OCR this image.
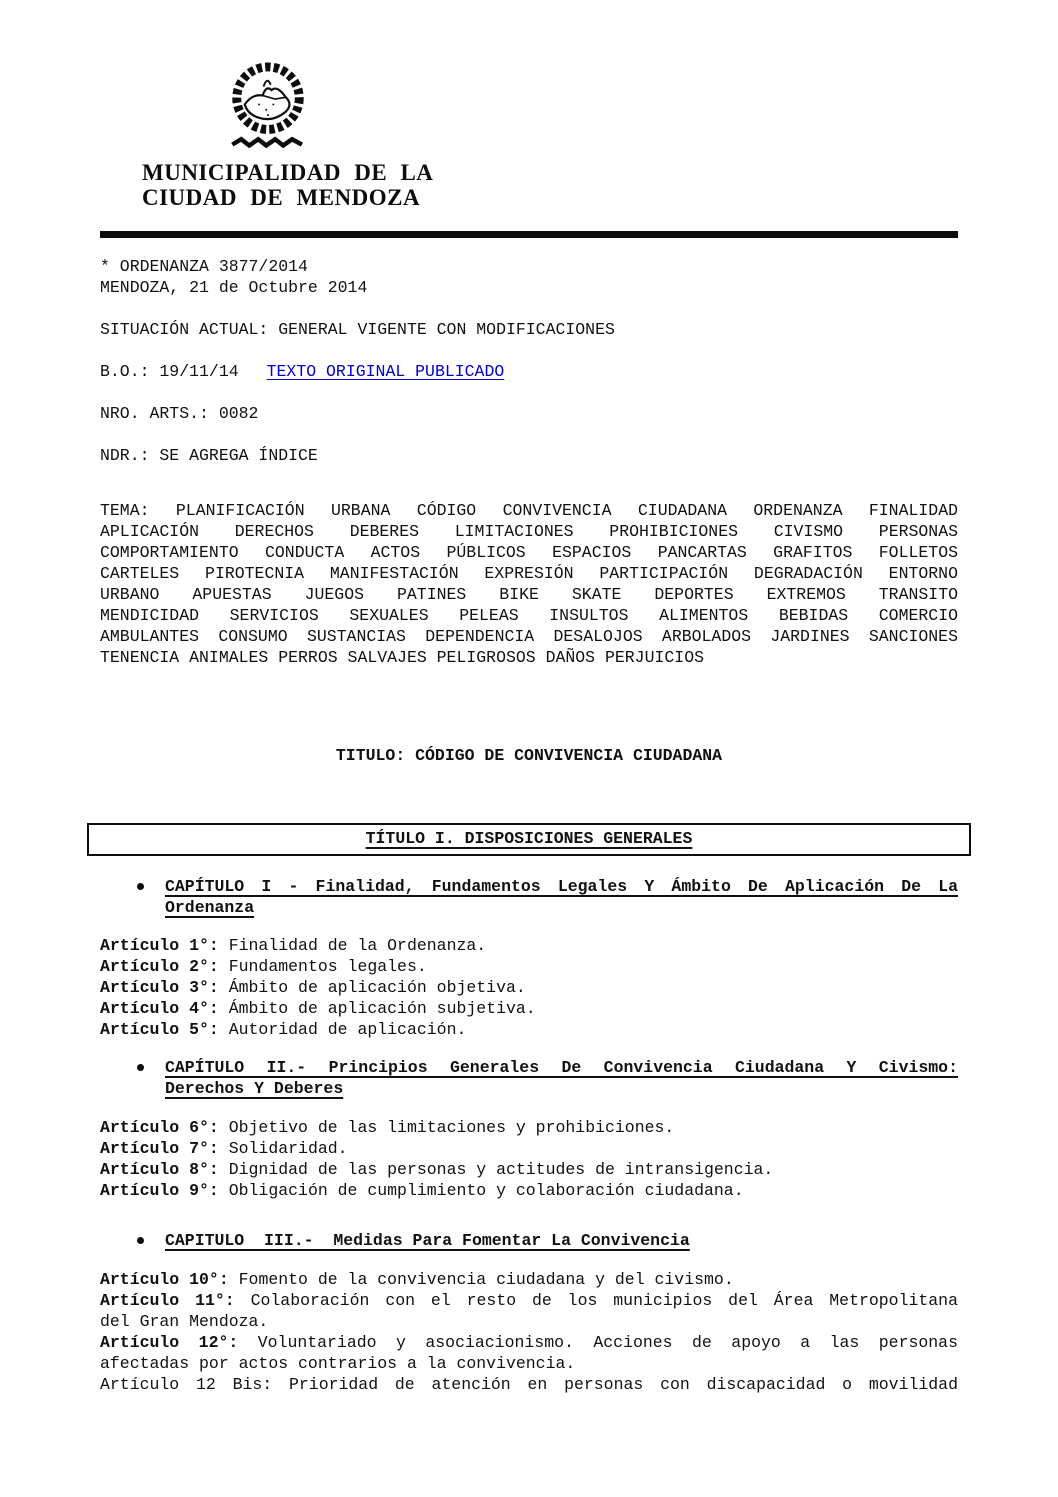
MUNICIPALIDAD DE LA
CIUDAD DE MENDOZA
* ORDENANZA 3877/2014
MENDOZA, 21 de Octubre 2014
SITUACIÓN ACTUAL: GENERAL VIGENTE CON MODIFICACIONES
B.O.: 19/11/14 TEXTO ORIGINAL PUBLICADO
NRO. ARTS.: 0082
NDR.: SE AGREGA ÍNDICE
TEMA: PLANIFICACIÓN URBANA CÓDIGO CONVIVENCIA CIUDADANA ORDENANZA FINALIDAD
APLICACIÓN DERECHOS DEBERES LIMITACIONES PROHIBICIONES CIVISMO PERSONAS
COMPORTAMIENTO CONDUCTA ACTOS PÚBLICOS ESPACIOS PANCARTAS GRAFITOS FOLLETOS
CARTELES PIROTECNIA MANIFESTACIÓN EXPRESIÓN PARTICIPACIÓN DEGRADACIÓN ENTORNO
URBANO APUESTAS JUEGOS PATINES BIKE SKATE DEPORTES EXTREMOS TRANSITO
MENDICIDAD SERVICIOS SEXUALES PELEAS INSULTOS ALIMENTOS BEBIDAS COMERCIO
AMBULANTES CONSUMO SUSTANCIAS DEPENDENCIA DESALOJOS ARBOLADOS JARDINES SANCIONES
TENENCIA ANIMALES PERROS SALVAJES PELIGROSOS DAÑOS PERJUICIOS
TITULO: CÓDIGO DE CONVIVENCIA CIUDADANA
TÍTULO I. DISPOSICIONES GENERALES
CAPÍTULO I - Finalidad, Fundamentos Legales Y Ámbito De Aplicación De La
Ordenanza
Artículo 1°: Finalidad de la Ordenanza.
Artículo 2°: Fundamentos legales.
Artículo 3°: Ámbito de aplicación objetiva.
Artículo 4°: Ámbito de aplicación subjetiva.
Artículo 5°: Autoridad de aplicación.
CAPÍTULO II.- Principios Generales De Convivencia Ciudadana Y Civismo:
Derechos Y Deberes
Artículo 6°: Objetivo de las limitaciones y prohibiciones.
Artículo 7°: Solidaridad.
Artículo 8°: Dignidad de las personas y actitudes de intransigencia.
Artículo 9°: Obligación de cumplimiento y colaboración ciudadana.
CAPITULO  III.-  Medidas Para Fomentar La Convivencia
Artículo 10°: Fomento de la convivencia ciudadana y del civismo.
Artículo 11°: Colaboración con el resto de los municipios del Área Metropolitana
del Gran Mendoza.
Artículo 12°: Voluntariado y asociacionismo. Acciones de apoyo a las personas
afectadas por actos contrarios a la convivencia.
Artículo 12 Bis: Prioridad de atención en personas con discapacidad o movilidad
